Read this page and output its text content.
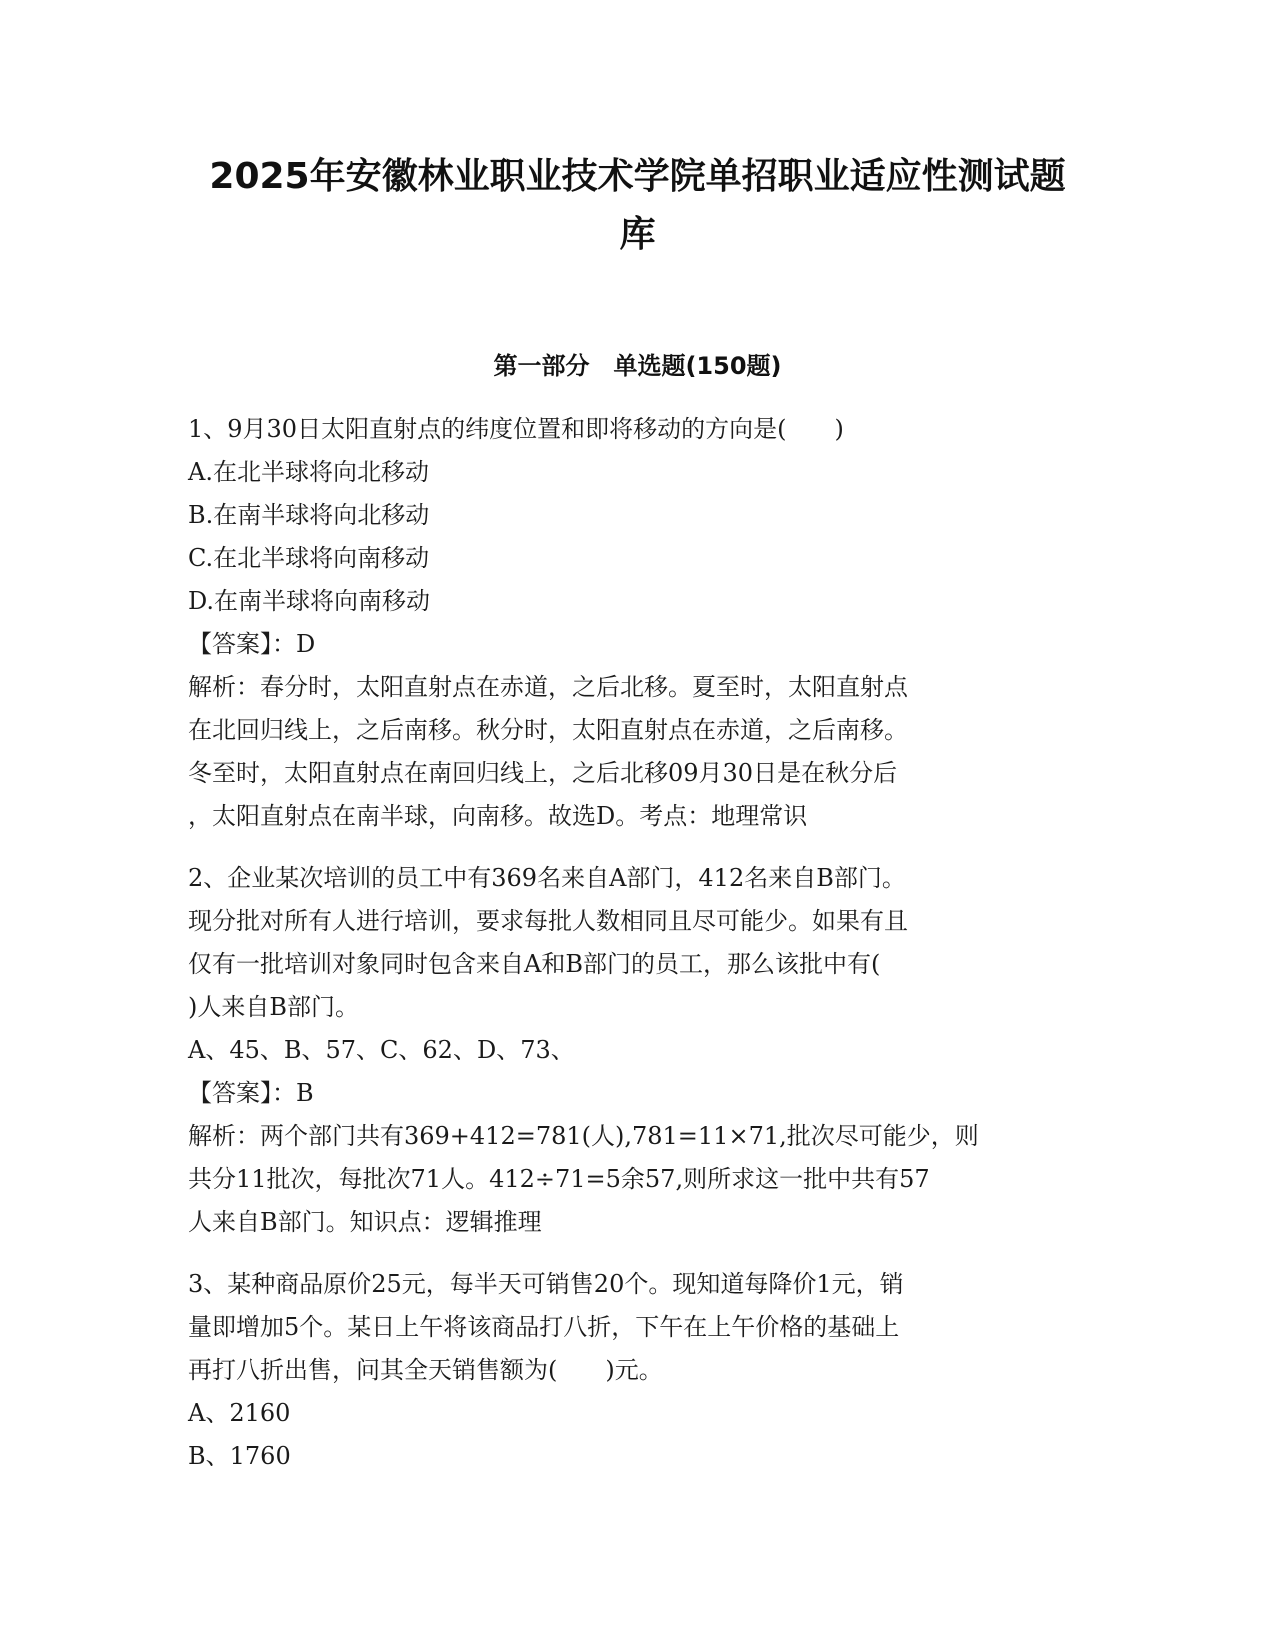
2025年安徽林业职业技术学院单招职业适应性测试题
库
第一部分　单选题(150题)
1、9月30日太阳直射点的纬度位置和即将移动的方向是(　　)
A.在北半球将向北移动
B.在南半球将向北移动
C.在北半球将向南移动
D.在南半球将向南移动
【答案】：D
解析：春分时，太阳直射点在赤道，之后北移。夏至时，太阳直射点
在北回归线上，之后南移。秋分时，太阳直射点在赤道，之后南移。
冬至时，太阳直射点在南回归线上，之后北移09月30日是在秋分后
，太阳直射点在南半球，向南移。故选D。考点：地理常识
2、企业某次培训的员工中有369名来自A部门，412名来自B部门。
现分批对所有人进行培训，要求每批人数相同且尽可能少。如果有且
仅有一批培训对象同时包含来自A和B部门的员工，那么该批中有(
)人来自B部门。
A、45、B、57、C、62、D、73、
【答案】：B
解析：两个部门共有369+412=781(人),781=11×71,批次尽可能少，则
共分11批次，每批次71人。412÷71=5余57,则所求这一批中共有57
人来自B部门。知识点：逻辑推理
3、某种商品原价25元，每半天可销售20个。现知道每降价1元，销
量即增加5个。某日上午将该商品打八折，下午在上午价格的基础上
再打八折出售，问其全天销售额为(　　)元。
A、2160
B、1760
